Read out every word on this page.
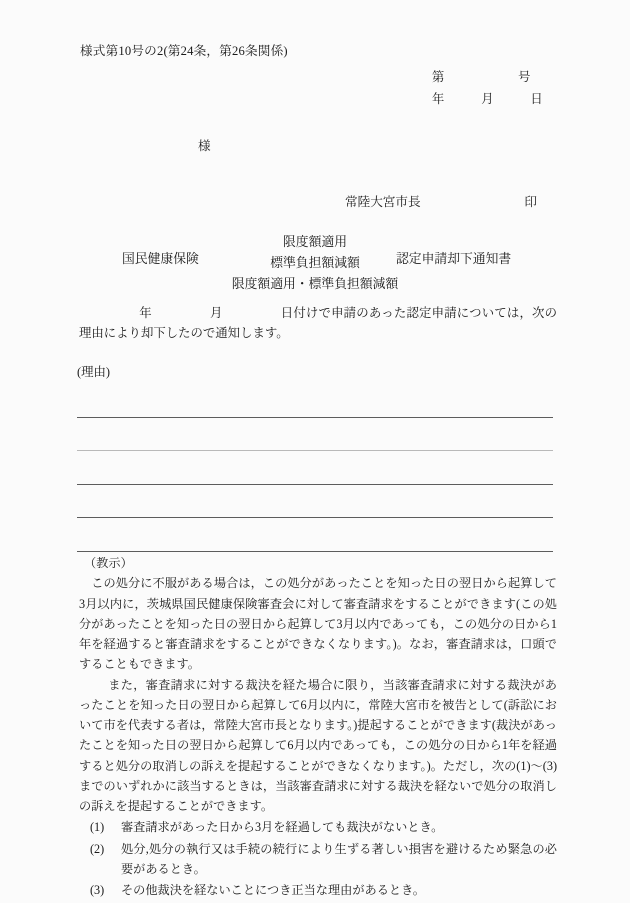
様式第10号の2(第24条，第26条関係)
第　　　　　　号
年　　　月　　　日
様
常陸大宮市長	印
国民健康保険
限度額適用
標準負担額減額
限度額適用・標準負担額減額
認定申請却下通知書
年	月	日付けで申請のあった認定申請については，次の理由により却下したので通知します。
(理由)
（教示）

この処分に不服がある場合は，この処分があったことを知った日の翌日から起算して3月以内に，茨城県国民健康保険審査会に対して審査請求をすることができます(この処分があったことを知った日の翌日から起算して3月以内であっても，この処分の日から1年を経過すると審査請求をすることができなくなります。)。なお，審査請求は，口頭ですることもできます。

また，審査請求に対する裁決を経た場合に限り，当該審査請求に対する裁決があったことを知った日の翌日から起算して6月以内に，常陸大宮市を被告として(訴訟において市を代表する者は，常陸大宮市長となります。)提起することができます(裁決があったことを知った日の翌日から起算して6月以内であっても，この処分の日から1年を経過すると処分の取消しの訴えを提起することができなくなります。)。ただし，次の(1)～(3)までのいずれかに該当するときは，当該審査請求に対する裁決を経ないで処分の取消しの訴えを提起することができます。

(1)	審査請求があった日から3月を経過しても裁決がないとき。
(2)	処分,処分の執行又は手続の続行により生ずる著しい損害を避けるため緊急の必要があるとき。
(3)	その他裁決を経ないことにつき正当な理由があるとき。
